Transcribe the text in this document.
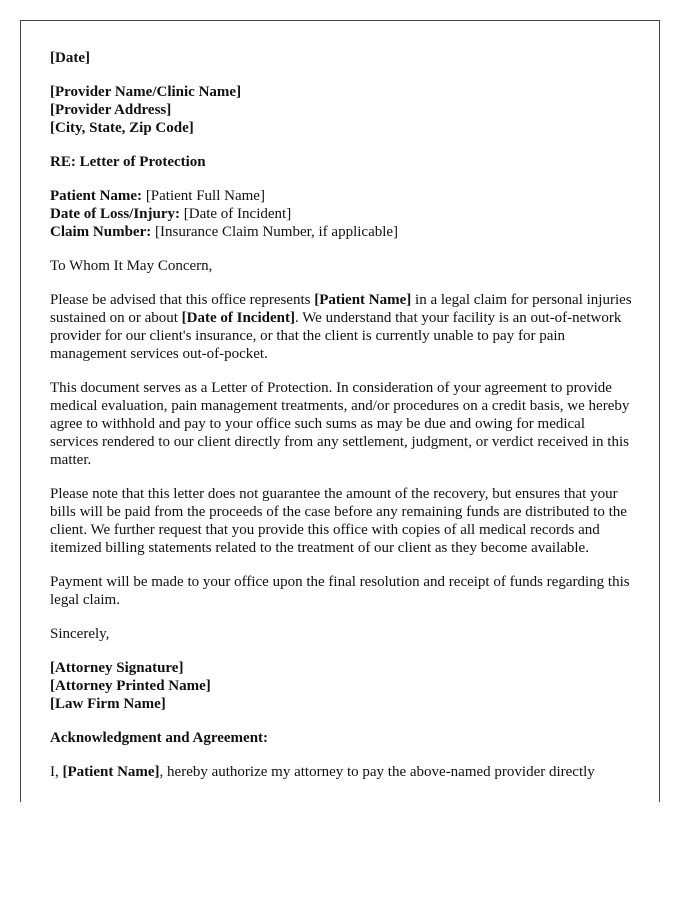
[Date]

[Provider Name/Clinic Name]
[Provider Address]
[City, State, Zip Code]

RE: Letter of Protection

Patient Name: [Patient Full Name]
Date of Loss/Injury: [Date of Incident]
Claim Number: [Insurance Claim Number, if applicable]

To Whom It May Concern,

Please be advised that this office represents [Patient Name] in a legal claim for personal injuries sustained on or about [Date of Incident]. We understand that your facility is an out-of-network provider for our client's insurance, or that the client is currently unable to pay for pain management services out-of-pocket.

This document serves as a Letter of Protection. In consideration of your agreement to provide medical evaluation, pain management treatments, and/or procedures on a credit basis, we hereby agree to withhold and pay to your office such sums as may be due and owing for medical services rendered to our client directly from any settlement, judgment, or verdict received in this matter.

Please note that this letter does not guarantee the amount of the recovery, but ensures that your bills will be paid from the proceeds of the case before any remaining funds are distributed to the client. We further request that you provide this office with copies of all medical records and itemized billing statements related to the treatment of our client as they become available.

Payment will be made to your office upon the final resolution and receipt of funds regarding this legal claim.

Sincerely,

[Attorney Signature]
[Attorney Printed Name]
[Law Firm Name]

Acknowledgment and Agreement:

I, [Patient Name], hereby authorize my attorney to pay the above-named provider directly
